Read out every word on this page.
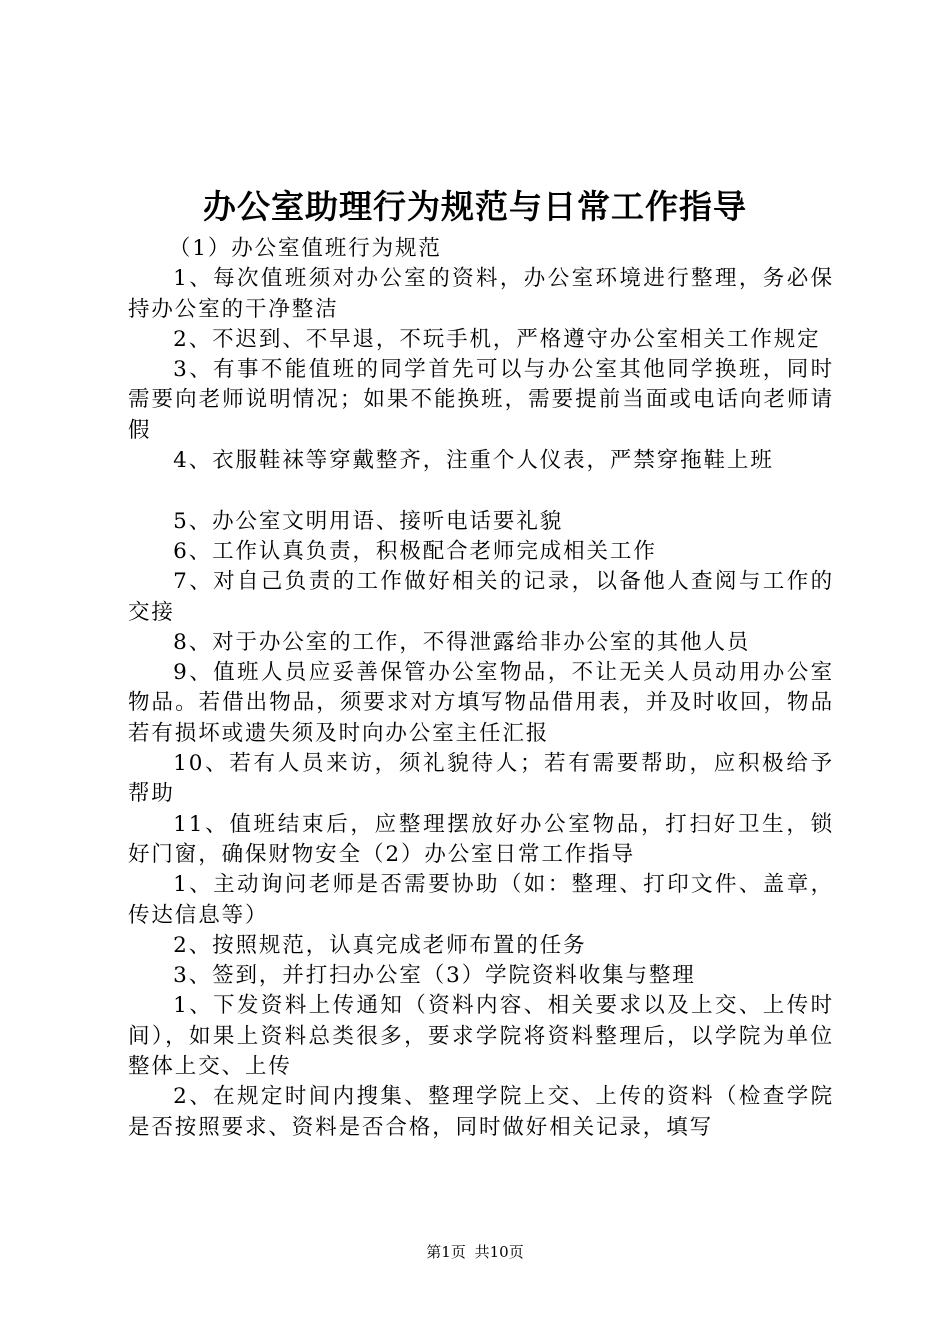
办公室助理行为规范与日常工作指导

（1）办公室值班行为规范

1、每次值班须对办公室的资料，办公室环境进行整理，务必保持办公室的干净整洁

2、不迟到、不早退，不玩手机，严格遵守办公室相关工作规定

3、有事不能值班的同学首先可以与办公室其他同学换班，同时需要向老师说明情况；如果不能换班，需要提前当面或电话向老师请假

4、衣服鞋袜等穿戴整齐，注重个人仪表，严禁穿拖鞋上班

5、办公室文明用语、接听电话要礼貌

6、工作认真负责，积极配合老师完成相关工作

7、对自己负责的工作做好相关的记录，以备他人查阅与工作的交接

8、对于办公室的工作，不得泄露给非办公室的其他人员

9、值班人员应妥善保管办公室物品，不让无关人员动用办公室物品。若借出物品，须要求对方填写物品借用表，并及时收回，物品若有损坏或遗失须及时向办公室主任汇报

10、若有人员来访，须礼貌待人；若有需要帮助，应积极给予帮助

11、值班结束后，应整理摆放好办公室物品，打扫好卫生，锁好门窗，确保财物安全（2）办公室日常工作指导

1、主动询问老师是否需要协助（如：整理、打印文件、盖章，传达信息等）

2、按照规范，认真完成老师布置的任务

3、签到，并打扫办公室（3）学院资料收集与整理

1、下发资料上传通知（资料内容、相关要求以及上交、上传时间），如果上资料总类很多，要求学院将资料整理后，以学院为单位整体上交、上传

2、在规定时间内搜集、整理学院上交、上传的资料（检查学院是否按照要求、资料是否合格，同时做好相关记录，填写

第1页 共10页
